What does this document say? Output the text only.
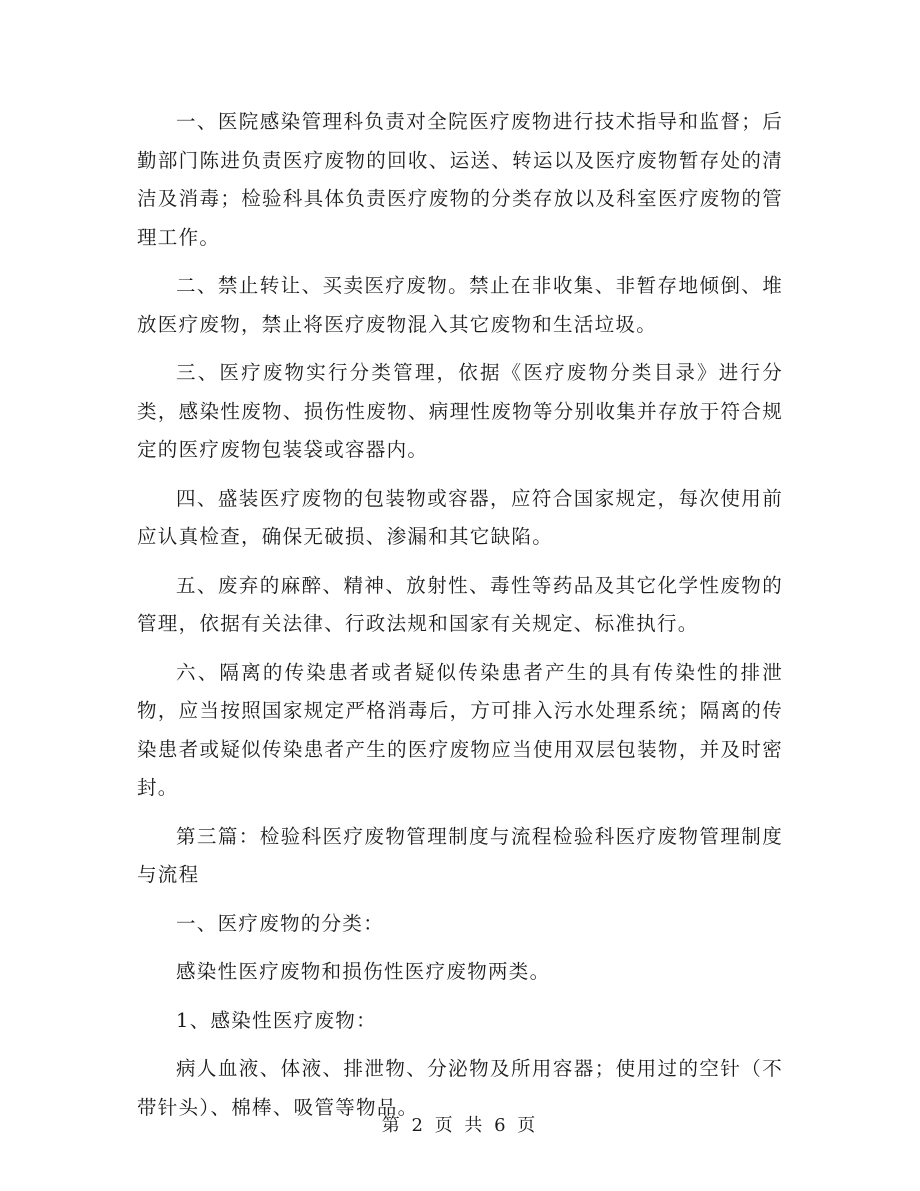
一、医院感染管理科负责对全院医疗废物进行技术指导和监督；后勤部门陈进负责医疗废物的回收、运送、转运以及医疗废物暂存处的清洁及消毒；检验科具体负责医疗废物的分类存放以及科室医疗废物的管理工作。

二、禁止转让、买卖医疗废物。禁止在非收集、非暂存地倾倒、堆放医疗废物，禁止将医疗废物混入其它废物和生活垃圾。

三、医疗废物实行分类管理，依据《医疗废物分类目录》进行分类，感染性废物、损伤性废物、病理性废物等分别收集并存放于符合规定的医疗废物包装袋或容器内。

四、盛装医疗废物的包装物或容器，应符合国家规定，每次使用前应认真检查，确保无破损、渗漏和其它缺陷。

五、废弃的麻醉、精神、放射性、毒性等药品及其它化学性废物的管理，依据有关法律、行政法规和国家有关规定、标准执行。

六、隔离的传染患者或者疑似传染患者产生的具有传染性的排泄物，应当按照国家规定严格消毒后，方可排入污水处理系统；隔离的传染患者或疑似传染患者产生的医疗废物应当使用双层包装物，并及时密封。

第三篇：检验科医疗废物管理制度与流程检验科医疗废物管理制度与流程

一、医疗废物的分类：

感染性医疗废物和损伤性医疗废物两类。

1、感染性医疗废物：

病人血液、体液、排泄物、分泌物及所用容器；使用过的空针（不带针头）、棉棒、吸管等物品。

第 2 页 共 6 页
